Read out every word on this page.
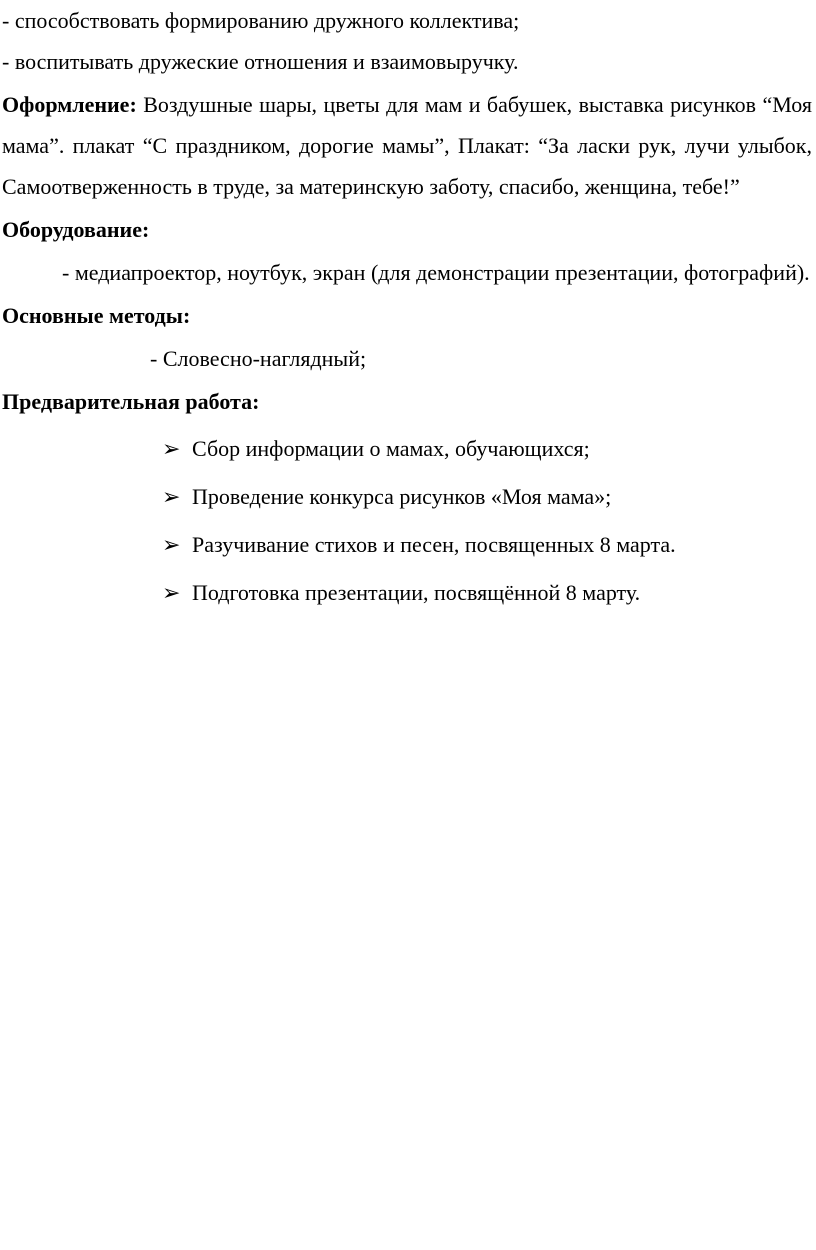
- способствовать формированию дружного коллектива;

- воспитывать дружеские отношения и взаимовыручку.

Оформление: Воздушные шары, цветы для мам и бабушек, выставка рисунков “Моя мама”. плакат “С праздником, дорогие мамы”, Плакат: “За ласки рук, лучи улыбок, Самоотверженность в труде, за материнскую заботу, спасибо, женщина, тебе!”

Оборудование:

- медиапроектор, ноутбук, экран (для демонстрации презентации, фотографий).

Основные методы:

- Словесно-наглядный;

Предварительная работа:

➢ Сбор информации о мамах, обучающихся;
➢ Проведение конкурса рисунков «Моя мама»;
➢ Разучивание стихов и песен, посвященных 8 марта.
➢ Подготовка презентации, посвящённой 8 марту.
